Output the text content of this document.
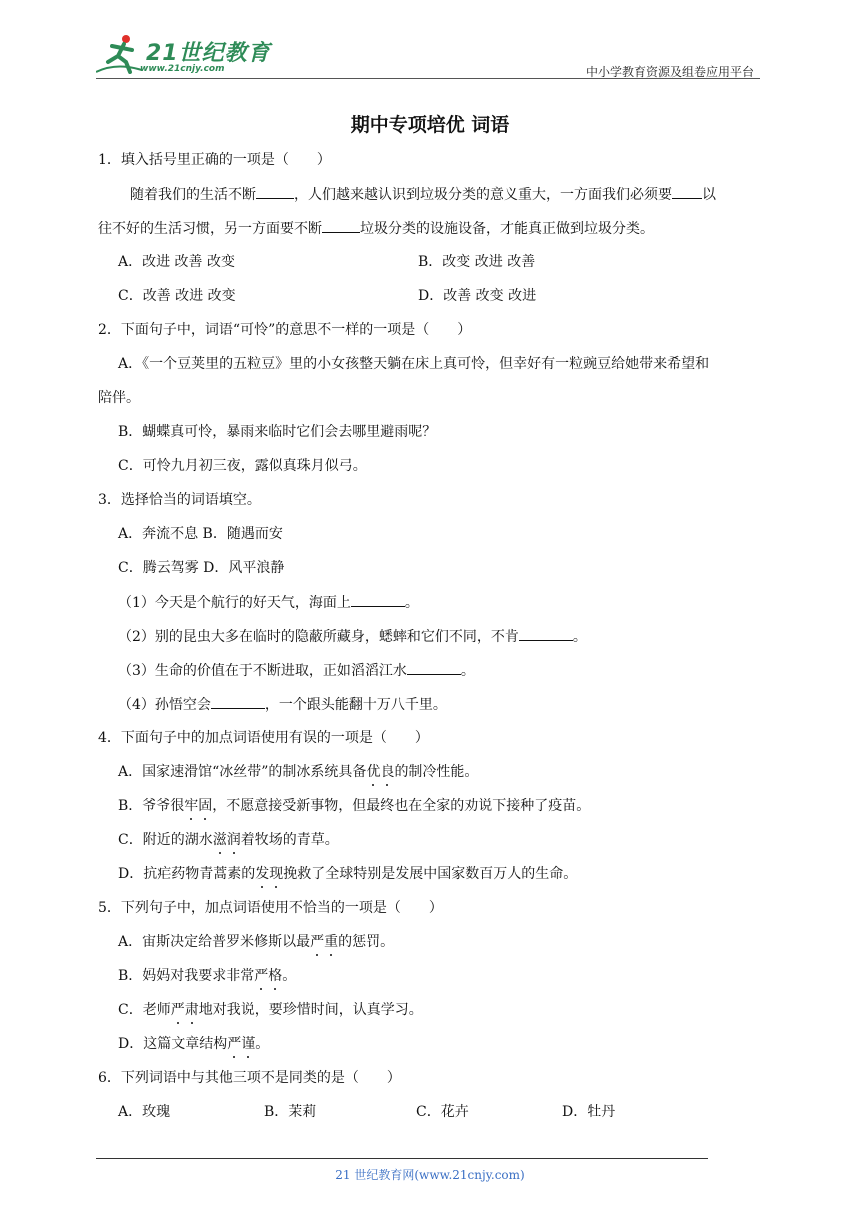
21世纪教育
www.21cnjy.com	中小学教育资源及组卷应用平台
期中专项培优 词语
1．填入括号里正确的一项是（　　）
随着我们的生活不断	，人们越来越认识到垃圾分类的意义重大，一方面我们必须要 以
往不好的生活习惯，另一方面要不断	垃圾分类的设施设备，才能真正做到垃圾分类。
A．改进 改善 改变	B．改变 改进 改善
C．改善 改进 改变	D．改善 改变 改进
2．下面句子中，词语“可怜”的意思不一样的一项是（　　）
A．《一个豆荚里的五粒豆》里的小女孩整天躺在床上真可怜，但幸好有一粒豌豆给她带来希望和
陪伴。
B．蝴蝶真可怜，暴雨来临时它们会去哪里避雨呢？
C．可怜九月初三夜，露似真珠月似弓。
3．选择恰当的词语填空。
A．奔流不息 B．随遇而安
C．腾云驾雾 D．风平浪静
（1）今天是个航行的好天气，海面上	。
（2）别的昆虫大多在临时的隐蔽所藏身，蟋蟀和它们不同，不肯	。
（3）生命的价值在于不断进取，正如滔滔江水	。
（4）孙悟空会	，一个跟头能翻十万八千里。
4．下面句子中的加点词语使用有误的一项是（　　）
A．国家速滑馆“冰丝带”的制冰系统具备优良的制冷性能。
B．爷爷很牢固，不愿意接受新事物，但最终也在全家的劝说下接种了疫苗。
C．附近的湖水滋润着牧场的青草。
D．抗疟药物青蒿素的发现挽救了全球特别是发展中国家数百万人的生命。
5．下列句子中，加点词语使用不恰当的一项是（　　）
A．宙斯决定给普罗米修斯以最严重的惩罚。
B．妈妈对我要求非常严格。
C．老师严肃地对我说，要珍惜时间，认真学习。
D．这篇文章结构严谨。
6．下列词语中与其他三项不是同类的是（　　）
A．玫瑰	B．茉莉	C．花卉	D．牡丹
21 世纪教育网(www.21cnjy.com)
